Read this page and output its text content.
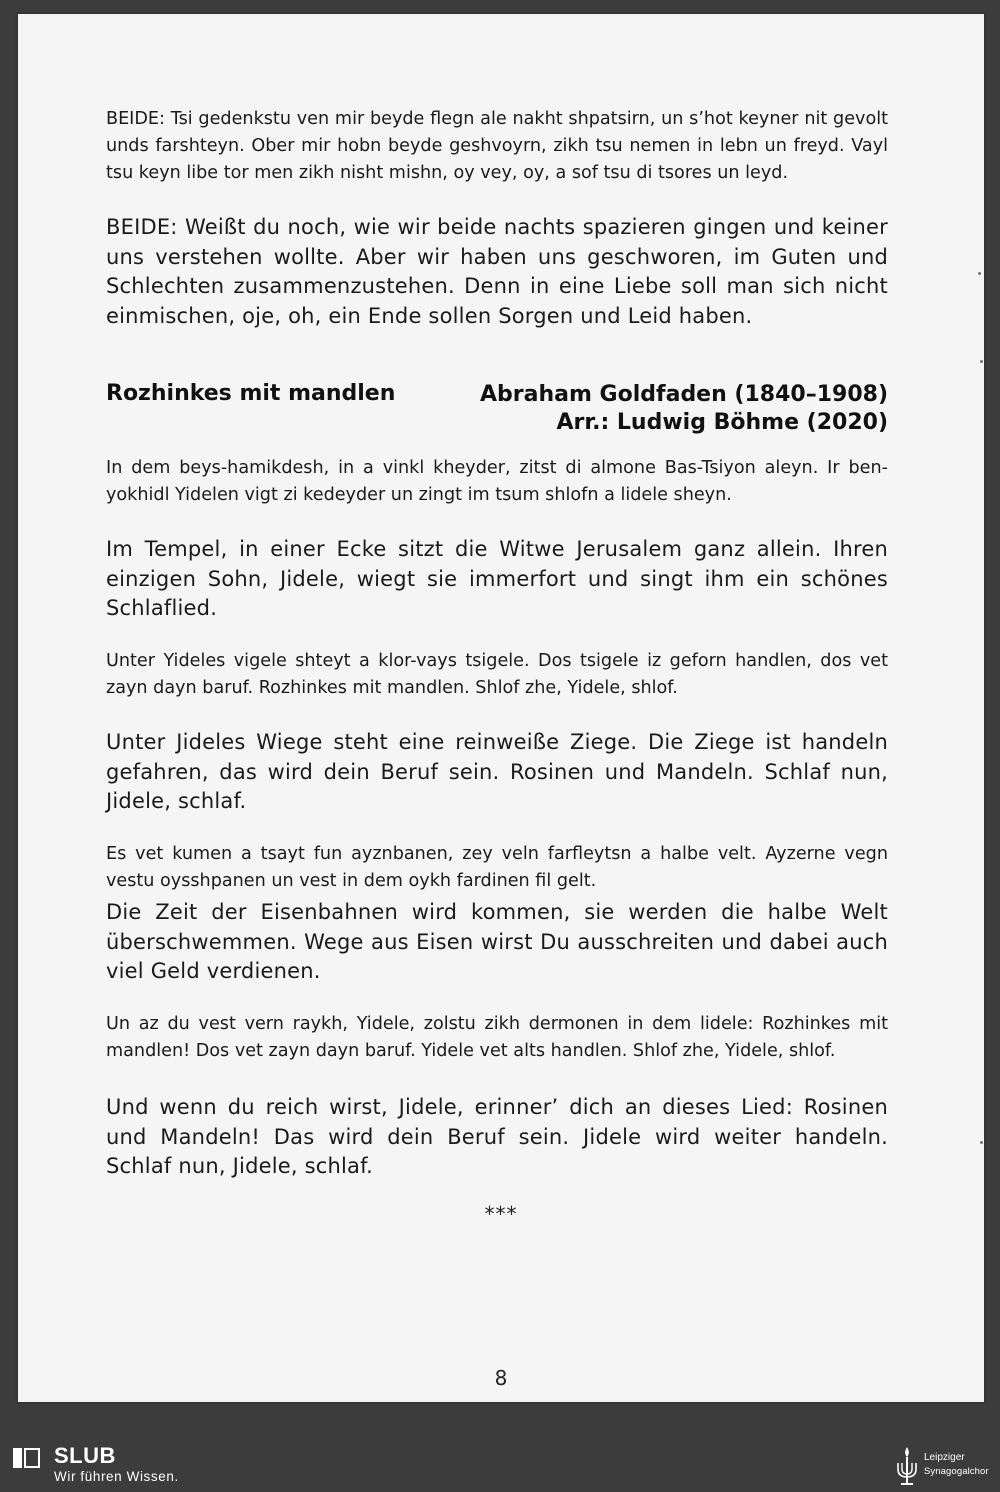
BEIDE: Tsi gedenkstu ven mir beyde flegn ale nakht shpatsirn, un s’hot keyner nit gevolt unds farshteyn. Ober mir hobn beyde geshvoyrn, zikh tsu nemen in lebn un freyd. Vayl tsu keyn libe tor men zikh nisht mishn, oy vey, oy, a sof tsu di tsores un leyd.
BEIDE: Weißt du noch, wie wir beide nachts spazieren gingen und keiner uns verstehen wollte. Aber wir haben uns geschworen, im Guten und Schlechten zusammenzustehen. Denn in eine Liebe soll man sich nicht einmischen, oje, oh, ein Ende sollen Sorgen und Leid haben.
Rozhinkes mit mandlen	Abraham Goldfaden (1840–1908)
Arr.: Ludwig Böhme (2020)
In dem beys-hamikdesh, in a vinkl kheyder, zitst di almone Bas-Tsiyon aleyn. Ir ben-yokhidl Yidelen vigt zi kedeyder un zingt im tsum shlofn a lidele sheyn.
Im Tempel, in einer Ecke sitzt die Witwe Jerusalem ganz allein. Ihren einzigen Sohn, Jidele, wiegt sie immerfort und singt ihm ein schönes Schlaflied.
Unter Yideles vigele shteyt a klor-vays tsigele. Dos tsigele iz geforn handlen, dos vet zayn dayn baruf. Rozhinkes mit mandlen. Shlof zhe, Yidele, shlof.
Unter Jideles Wiege steht eine reinweiße Ziege. Die Ziege ist handeln gefahren, das wird dein Beruf sein. Rosinen und Mandeln. Schlaf nun, Jidele, schlaf.
Es vet kumen a tsayt fun ayznbanen, zey veln farfleytsn a halbe velt. Ayzerne vegn vestu oysshpanen un vest in dem oykh fardinen fil gelt.
Die Zeit der Eisenbahnen wird kommen, sie werden die halbe Welt überschwemmen. Wege aus Eisen wirst Du ausschreiten und dabei auch viel Geld verdienen.
Un az du vest vern raykh, Yidele, zolstu zikh dermonen in dem lidele: Rozhinkes mit mandlen! Dos vet zayn dayn baruf. Yidele vet alts handlen. Shlof zhe, Yidele, shlof.
Und wenn du reich wirst, Jidele, erinner’ dich an dieses Lied: Rosinen und Mandeln! Das wird dein Beruf sein. Jidele wird weiter handeln. Schlaf nun, Jidele, schlaf.
***
8
SLUB
Wir führen Wissen.
Leipziger
Synagogalchor
